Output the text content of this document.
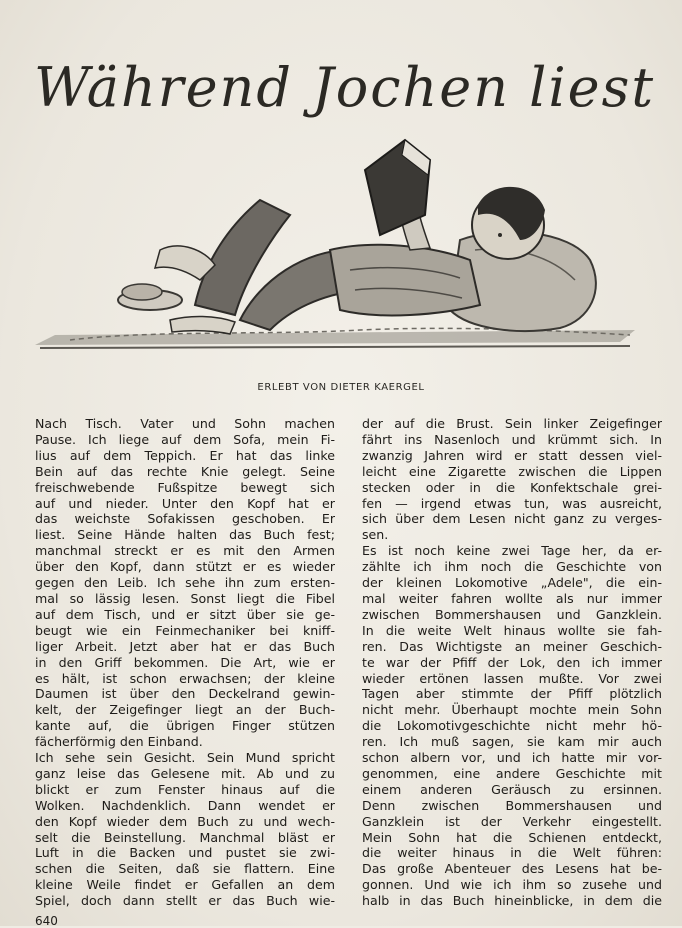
Während Jochen liest
ERLEBT VON DIETER KAERGEL
Nach Tisch. Vater und Sohn machen
Pause. Ich liege auf dem Sofa, mein Fi-
lius auf dem Teppich. Er hat das linke
Bein auf das rechte Knie gelegt. Seine
freischwebende Fußspitze bewegt sich
auf und nieder. Unter den Kopf hat er
das weichste Sofakissen geschoben. Er
liest. Seine Hände halten das Buch fest;
manchmal streckt er es mit den Armen
über den Kopf, dann stützt er es wieder
gegen den Leib. Ich sehe ihn zum ersten-
mal so lässig lesen. Sonst liegt die Fibel
auf dem Tisch, und er sitzt über sie ge-
beugt wie ein Feinmechaniker bei kniff-
liger Arbeit. Jetzt aber hat er das Buch
in den Griff bekommen. Die Art, wie er
es hält, ist schon erwachsen; der kleine
Daumen ist über den Deckelrand gewin-
kelt, der Zeigefinger liegt an der Buch-
kante auf, die übrigen Finger stützen
fächerförmig den Einband.
Ich sehe sein Gesicht. Sein Mund spricht
ganz leise das Gelesene mit. Ab und zu
blickt er zum Fenster hinaus auf die
Wolken. Nachdenklich. Dann wendet er
den Kopf wieder dem Buch zu und wech-
selt die Beinstellung. Manchmal bläst er
Luft in die Backen und pustet sie zwi-
schen die Seiten, daß sie flattern. Eine
kleine Weile findet er Gefallen an dem
Spiel, doch dann stellt er das Buch wie-
der auf die Brust. Sein linker Zeigefinger
fährt ins Nasenloch und krümmt sich. In
zwanzig Jahren wird er statt dessen viel-
leicht eine Zigarette zwischen die Lippen
stecken oder in die Konfektschale grei-
fen — irgend etwas tun, was ausreicht,
sich über dem Lesen nicht ganz zu verges-
sen.
Es ist noch keine zwei Tage her, da er-
zählte ich ihm noch die Geschichte von
der kleinen Lokomotive „Adele", die ein-
mal weiter fahren wollte als nur immer
zwischen Bommershausen und Ganzklein.
In die weite Welt hinaus wollte sie fah-
ren. Das Wichtigste an meiner Geschich-
te war der Pfiff der Lok, den ich immer
wieder ertönen lassen mußte. Vor zwei
Tagen aber stimmte der Pfiff plötzlich
nicht mehr. Überhaupt mochte mein Sohn
die Lokomotivgeschichte nicht mehr hö-
ren. Ich muß sagen, sie kam mir auch
schon albern vor, und ich hatte mir vor-
genommen, eine andere Geschichte mit
einem anderen Geräusch zu ersinnen.
Denn zwischen Bommershausen und
Ganzklein ist der Verkehr eingestellt.
Mein Sohn hat die Schienen entdeckt,
die weiter hinaus in die Welt führen:
Das große Abenteuer des Lesens hat be-
gonnen. Und wie ich ihm so zusehe und
halb in das Buch hineinblicke, in dem die
640
